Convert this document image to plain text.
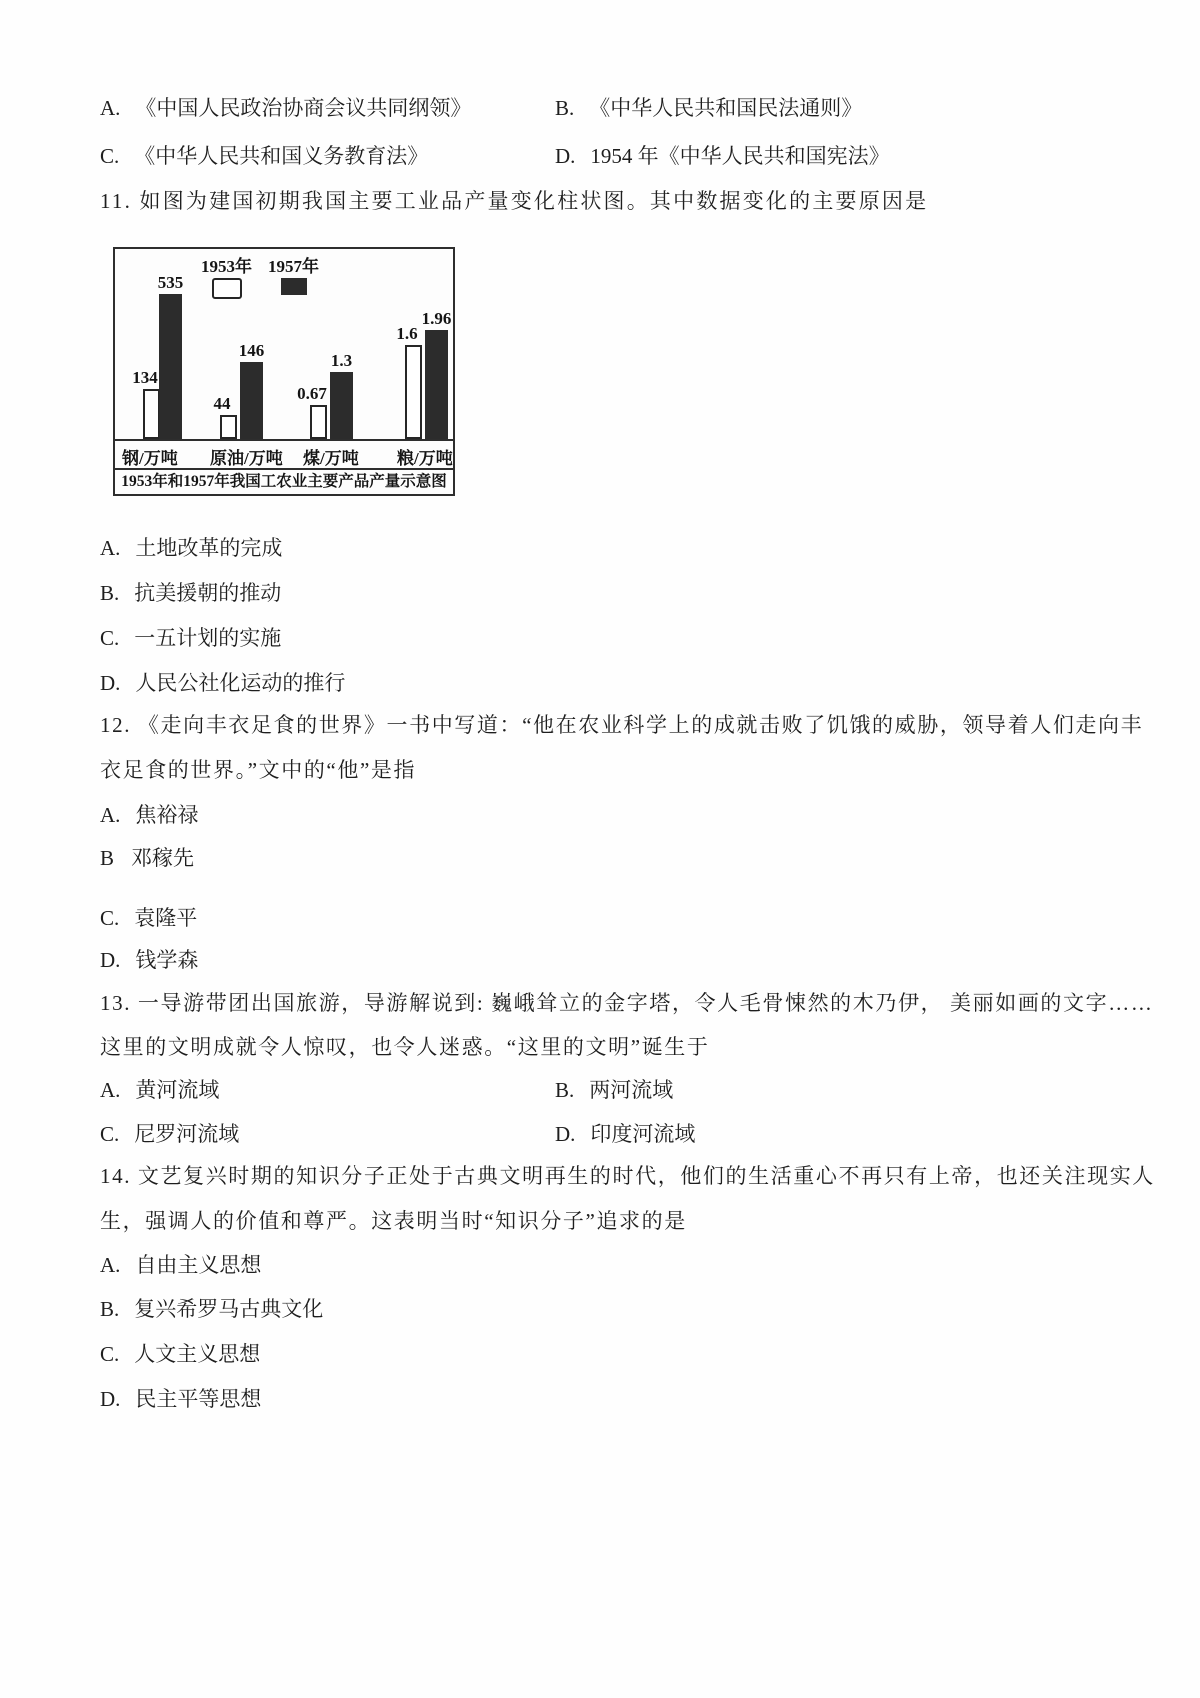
A. 《中国人民政治协商会议共同纲领》	B. 《中华人民共和国民法通则》
C. 《中华人民共和国义务教育法》	D. 1954 年《中华人民共和国宪法》
11. 如图为建国初期我国主要工业品产量变化柱状图。其中数据变化的主要原因是
1953年 1957年
134
44
0.67
1.6
535
146
1.3
1.96
钢/万吨 原油/万吨 煤/万吨 粮/万吨
1953年和1957年我国工农业主要产品产量示意图
A. 土地改革的完成
B. 抗美援朝的推动
C. 一五计划的实施
D. 人民公社化运动的推行
12. 《走向丰衣足食的世界》一书中写道：“他在农业科学上的成就击败了饥饿的威胁，领导着人们走向丰
衣足食的世界。”文中的“他”是指
A. 焦裕禄
B 邓稼先
C. 袁隆平
D. 钱学森
13. 一导游带团出国旅游，导游解说到: 巍峨耸立的金字塔，令人毛骨悚然的木乃伊， 美丽如画的文字……
这里的文明成就令人惊叹，也令人迷惑。“这里的文明”诞生于
A. 黄河流域	B. 两河流域
C. 尼罗河流域	D. 印度河流域
14. 文艺复兴时期的知识分子正处于古典文明再生的时代，他们的生活重心不再只有上帝，也还关注现实人
生，强调人的价值和尊严。这表明当时“知识分子”追求的是
A. 自由主义思想
B. 复兴希罗马古典文化
C. 人文主义思想
D. 民主平等思想
